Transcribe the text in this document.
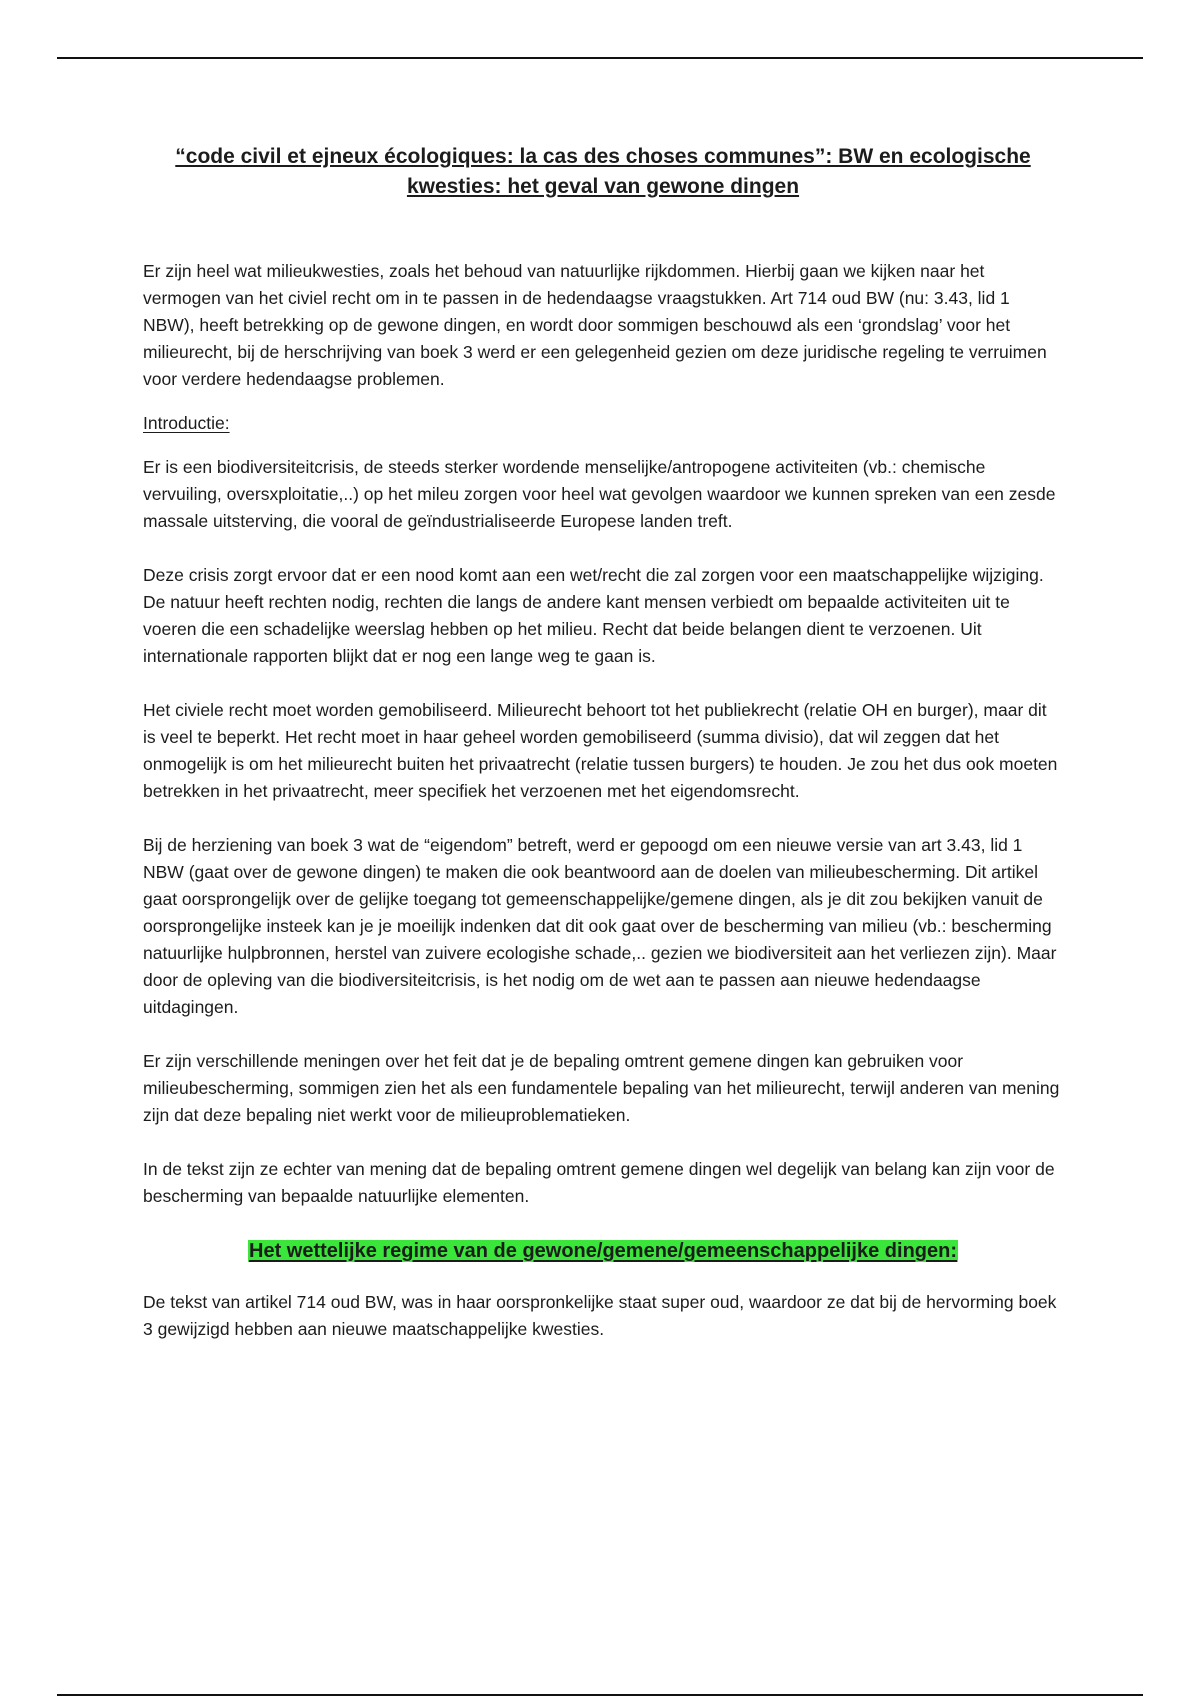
“code civil et ejneux écologiques: la cas des choses communes”: BW en ecologische
kwesties: het geval van gewone dingen

Er zijn heel wat milieukwesties, zoals het behoud van natuurlijke rijkdommen. Hierbij gaan we kijken naar het vermogen van het civiel recht om in te passen in de hedendaagse vraagstukken. Art 714 oud BW (nu: 3.43, lid 1 NBW), heeft betrekking op de gewone dingen, en wordt door sommigen beschouwd als een ‘grondslag’ voor het milieurecht, bij de herschrijving van boek 3 werd er een gelegenheid gezien om deze juridische regeling te verruimen voor verdere hedendaagse problemen.

Introductie:

Er is een biodiversiteitcrisis, de steeds sterker wordende menselijke/antropogene activiteiten (vb.: chemische vervuiling, oversxploitatie,..) op het mileu zorgen voor heel wat gevolgen waardoor we kunnen spreken van een zesde massale uitsterving, die vooral de geïndustrialiseerde Europese landen treft.

Deze crisis zorgt ervoor dat er een nood komt aan een wet/recht die zal zorgen voor een maatschappelijke wijziging. De natuur heeft rechten nodig, rechten die langs de andere kant mensen verbiedt om bepaalde activiteiten uit te voeren die een schadelijke weerslag hebben op het milieu. Recht dat beide belangen dient te verzoenen. Uit internationale rapporten blijkt dat er nog een lange weg te gaan is.

Het civiele recht moet worden gemobiliseerd. Milieurecht behoort tot het publiekrecht (relatie OH en burger), maar dit is veel te beperkt. Het recht moet in haar geheel worden gemobiliseerd (summa divisio), dat wil zeggen dat het onmogelijk is om het milieurecht buiten het privaatrecht (relatie tussen burgers) te houden. Je zou het dus ook moeten betrekken in het privaatrecht, meer specifiek het verzoenen met het eigendomsrecht.

Bij de herziening van boek 3 wat de “eigendom” betreft, werd er gepoogd om een nieuwe versie van art 3.43, lid 1 NBW (gaat over de gewone dingen) te maken die ook beantwoord aan de doelen van milieubescherming. Dit artikel gaat oorsprongelijk over de gelijke toegang tot gemeenschappelijke/gemene dingen, als je dit zou bekijken vanuit de oorsprongelijke insteek kan je je moeilijk indenken dat dit ook gaat over de bescherming van milieu (vb.: bescherming natuurlijke hulpbronnen, herstel van zuivere ecologishe schade,.. gezien we biodiversiteit aan het verliezen zijn). Maar door de opleving van die biodiversiteitcrisis, is het nodig om de wet aan te passen aan nieuwe hedendaagse uitdagingen.

Er zijn verschillende meningen over het feit dat je de bepaling omtrent gemene dingen kan gebruiken voor milieubescherming, sommigen zien het als een fundamentele bepaling van het milieurecht, terwijl anderen van mening zijn dat deze bepaling niet werkt voor de milieuproblematieken.

In de tekst zijn ze echter van mening dat de bepaling omtrent gemene dingen wel degelijk van belang kan zijn voor de bescherming van bepaalde natuurlijke elementen.

Het wettelijke regime van de gewone/gemene/gemeenschappelijke dingen:

De tekst van artikel 714 oud BW, was in haar oorspronkelijke staat super oud, waardoor ze dat bij de hervorming boek 3 gewijzigd hebben aan nieuwe maatschappelijke kwesties.
